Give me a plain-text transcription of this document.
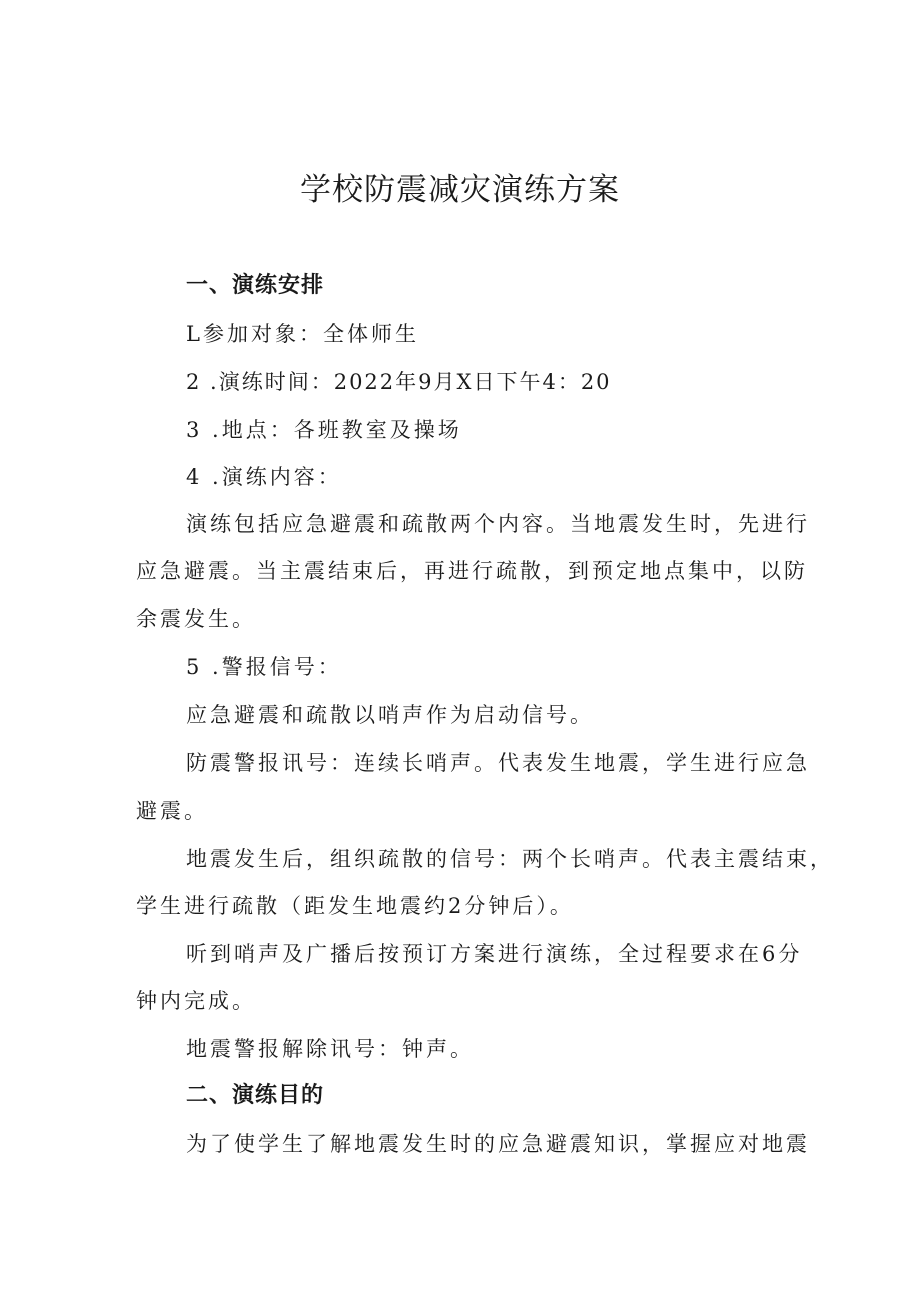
学校防震减灾演练方案
一、演练安排
L参加对象：全体师生
2 .演练时间：2022年9月X日下午4：20
3 .地点：各班教室及操场
4 .演练内容：
演练包括应急避震和疏散两个内容。当地震发生时，先进行
应急避震。当主震结束后，再进行疏散，到预定地点集中，以防
余震发生。
5 .警报信号：
应急避震和疏散以哨声作为启动信号。
防震警报讯号：连续长哨声。代表发生地震，学生进行应急
避震。
地震发生后，组织疏散的信号：两个长哨声。代表主震结束，
学生进行疏散（距发生地震约2分钟后）。
听到哨声及广播后按预订方案进行演练，全过程要求在6分
钟内完成。
地震警报解除讯号：钟声。
二、演练目的
为了使学生了解地震发生时的应急避震知识，掌握应对地震
